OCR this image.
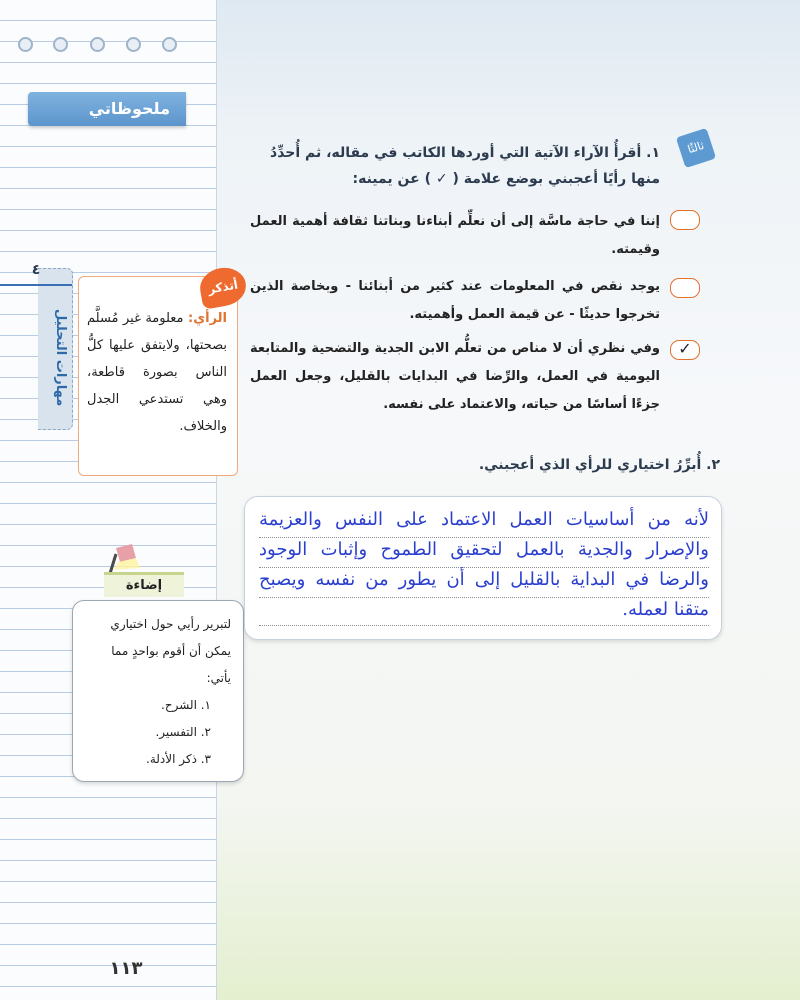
ملحوظاتي
٤
مهارات التحليل	الرأي: معلومة غير مُسلَّم بصحتها، ولايتفق عليها كلُّ الناس بصورة قاطعة، وهي تستدعي الجدل والخلاف.
أتذكر
إضاءة
لتبرير رأيي حول اختياري يمكن أن أقوم بواحدٍ مما يأتي:
١. الشرح.
٢. التفسير.
٣. ذكر الأدلة.
١١٣
ثالثًا
١. أقرأُ الآراء الآتية التي أوردها الكاتب في مقاله، ثم أُحدِّدُ منها رأيًا أعجبني بوضع علامة ( ✓ ) عن يمينه:
إننا في حاجة ماسَّة إلى أن نعلِّم أبناءنا وبناتنا ثقافة أهمية العمل وقيمته.
يوجد نقص في المعلومات عند كثير من أبنائنا - وبخاصة الذين تخرجوا حديثًا - عن قيمة العمل وأهميته.
✓
وفي نظري أن لا مناص من تعلُّم الابن الجدية والتضحية والمتابعة اليومية في العمل، والرِّضا في البدايات بالقليل، وجعل العمل جزءًا أساسًا من حياته، والاعتماد على نفسه.
٢. أُبرِّرُ اختياري للرأي الذي أعجبني.
لأنه من أساسيات العمل الاعتماد على النفس والعزيمة والإصرار والجدية بالعمل لتحقيق الطموح وإثبات الوجود والرضا في البداية بالقليل إلى أن يطور من نفسه ويصبح متقنا لعمله.
